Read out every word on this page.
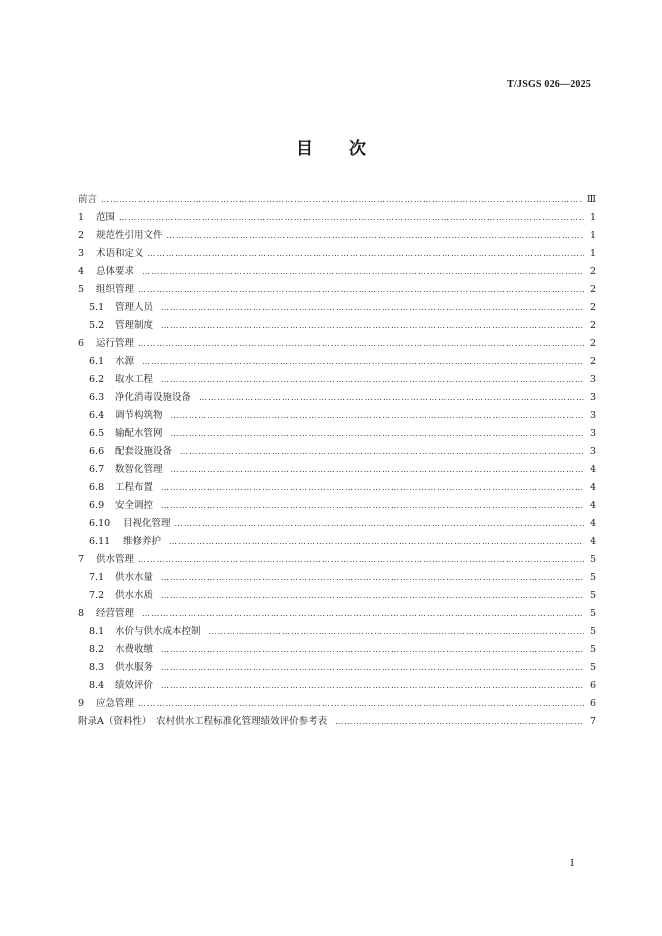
T/JSGS 026—2025
目 次
前言 ……………………………………………………………………………………………………………………………………………………………………………………………………………………	Ⅲ
1	范围 ……………………………………………………………………………………………………………………………………………………………………………………………………………………	1
2	规范性引用文件 ……………………………………………………………………………………………………………………………………………………………………………………………………………………	1
3	术语和定义 ……………………………………………………………………………………………………………………………………………………………………………………………………………………	1
4	总体要求 ……………………………………………………………………………………………………………………………………………………………………………………………………………………	2
5	组织管理 ……………………………………………………………………………………………………………………………………………………………………………………………………………………	2
5.1	管理人员 ……………………………………………………………………………………………………………………………………………………………………………………………………………………	2
5.2	管理制度 ……………………………………………………………………………………………………………………………………………………………………………………………………………………	2
6	运行管理 ……………………………………………………………………………………………………………………………………………………………………………………………………………………	2
6.1	水源 ……………………………………………………………………………………………………………………………………………………………………………………………………………………	2
6.2	取水工程 ……………………………………………………………………………………………………………………………………………………………………………………………………………………	3
6.3	净化消毒设施设备 ……………………………………………………………………………………………………………………………………………………………………………………………………………………	3
6.4	调节构筑物 ……………………………………………………………………………………………………………………………………………………………………………………………………………………	3
6.5	输配水管网 ……………………………………………………………………………………………………………………………………………………………………………………………………………………	3
6.6	配套设施设备 ……………………………………………………………………………………………………………………………………………………………………………………………………………………	3
6.7	数智化管理 ……………………………………………………………………………………………………………………………………………………………………………………………………………………	4
6.8	工程布置 ……………………………………………………………………………………………………………………………………………………………………………………………………………………	4
6.9	安全调控 ……………………………………………………………………………………………………………………………………………………………………………………………………………………	4
6.10	目视化管理 ……………………………………………………………………………………………………………………………………………………………………………………………………………………	4
6.11	维修养护 ……………………………………………………………………………………………………………………………………………………………………………………………………………………	4
7	供水管理 ……………………………………………………………………………………………………………………………………………………………………………………………………………………	5
7.1	供水水量 ……………………………………………………………………………………………………………………………………………………………………………………………………………………	5
7.2	供水水质 ……………………………………………………………………………………………………………………………………………………………………………………………………………………	5
8	经营管理 ……………………………………………………………………………………………………………………………………………………………………………………………………………………	5
8.1	水价与供水成本控制 ……………………………………………………………………………………………………………………………………………………………………………………………………………………	5
8.2	水费收缴 ……………………………………………………………………………………………………………………………………………………………………………………………………………………	5
8.3	供水服务 ……………………………………………………………………………………………………………………………………………………………………………………………………………………	5
8.4	绩效评价 ……………………………………………………………………………………………………………………………………………………………………………………………………………………	6
9	应急管理 ……………………………………………………………………………………………………………………………………………………………………………………………………………………	6
附录A（资料性）　农村供水工程标准化管理绩效评价参考表 ……………………………………………………………………………………………………………………………………………………………………………………………………………………	7
I
